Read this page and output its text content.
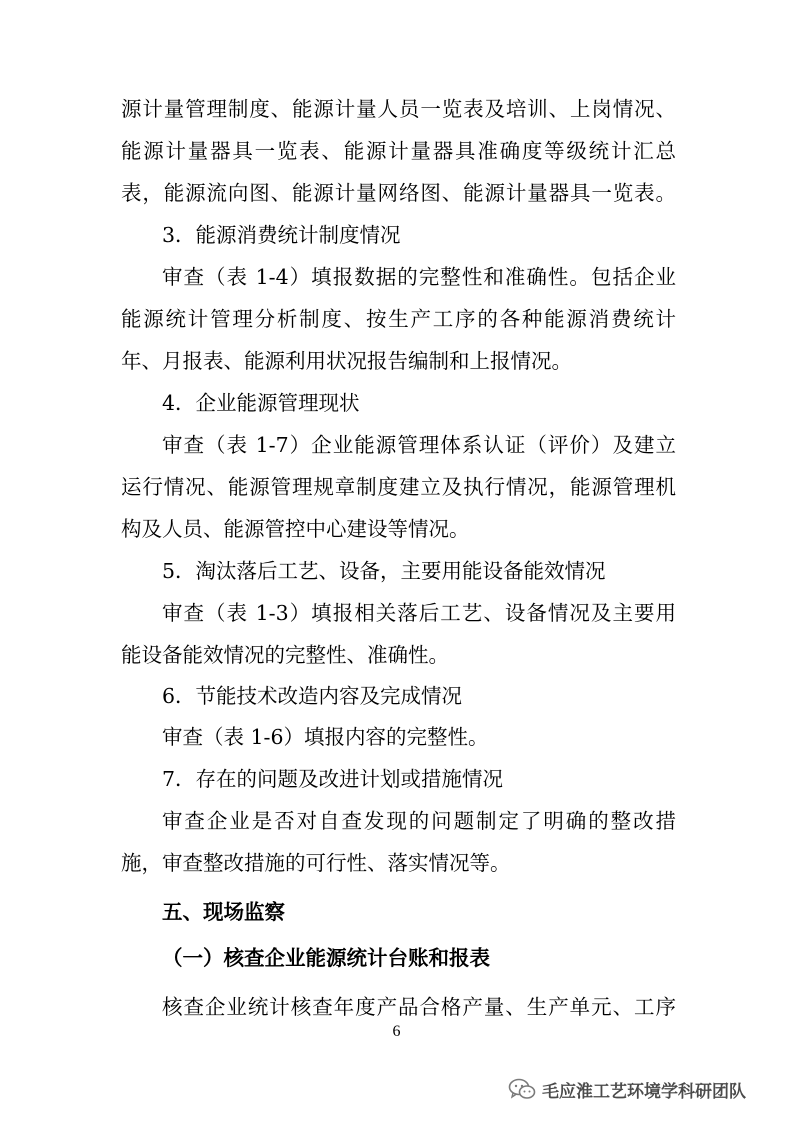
源计量管理制度、能源计量人员一览表及培训、上岗情况、
能源计量器具一览表、能源计量器具准确度等级统计汇总
表，能源流向图、能源计量网络图、能源计量器具一览表。
3．能源消费统计制度情况
审查（表 1-4）填报数据的完整性和准确性。包括企业
能源统计管理分析制度、按生产工序的各种能源消费统计
年、月报表、能源利用状况报告编制和上报情况。
4．企业能源管理现状
审查（表 1-7）企业能源管理体系认证（评价）及建立
运行情况、能源管理规章制度建立及执行情况，能源管理机
构及人员、能源管控中心建设等情况。
5．淘汰落后工艺、设备，主要用能设备能效情况
审查（表 1-3）填报相关落后工艺、设备情况及主要用
能设备能效情况的完整性、准确性。
6．节能技术改造内容及完成情况
审查（表 1-6）填报内容的完整性。
7．存在的问题及改进计划或措施情况
审查企业是否对自查发现的问题制定了明确的整改措
施，审查整改措施的可行性、落实情况等。
五、现场监察
（一）核查企业能源统计台账和报表
核查企业统计核查年度产品合格产量、生产单元、工序
6
毛应淮工艺环境学科研团队
